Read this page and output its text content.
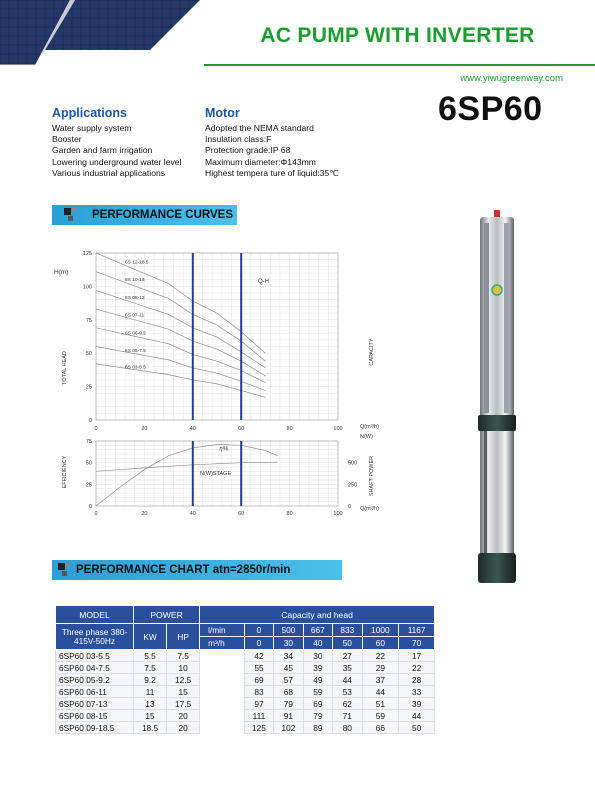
AC PUMP WITH INVERTER
www.yiwugreenway.com
6SP60
Applications
Water supply system
Booster
Garden and farm irrigation
Lowering underground water level
Various industrial applications
Motor
Adopted the NEMA standard
Insulation class:F
Protection grade:IP 68
Maximum diameter:Φ143mm
Highest tempera ture of liquid:35℃
PERFORMANCE CURVES
0	20	40	60	80	100
0
25
50
75
100
125
H(m)
TOTAL HEAD	CAPACITY
Q(m³/h)
Q-H
6S 12-18.5
6S 10-15
6S 08-13
6S 07-11
6S 06-9.2
6S 05-7.5
6S 03-5.5
0	20	40	60	80	100
0
25
50
75
0
250
500
N(W)
EFFICIENCY	SHAFT POWER
Q(m³/h)
η%
N(W)STAGE
PERFORMANCE CHART atn=2850r/min
MODEL	POWER		Capacity and head						
Three phase 380-415V-50Hz	KW	HP	l/min	0	500	667	833	1000	1167
			m³/h	0	30	40	50	60	70
6SP60 03-5.5	5.5	7.5		42	34	30	27	22	17
6SP60 04-7.5	7.5	10		55	45	39	35	29	22
6SP60 05-9.2	9.2	12.5		69	57	49	44	37	28
6SP60 06-11	11	15		83	68	59	53	44	33
6SP60 07-13	13	17.5		97	79	69	62	51	39
6SP60 08-15	15	20		111	91	79	71	59	44
6SP60 09-18.5	18.5	20		125	102	89	80	66	50
